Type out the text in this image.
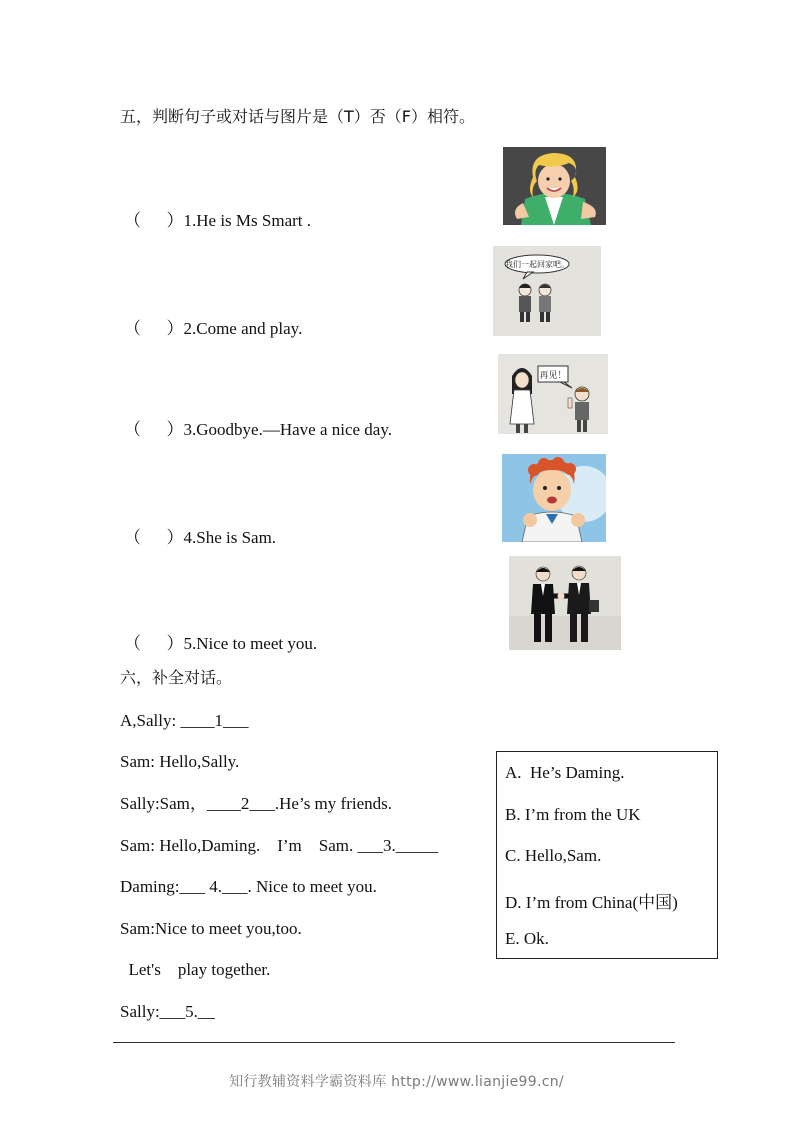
五，判断句子或对话与图片是（T）否（F）相符。
（      ）1.He is Ms Smart .
（      ）2.Come and play.
（      ）3.Goodbye.—Have a nice day.
（      ）4.She is Sam.
（      ）5.Nice to meet you.
我们一起回家吧。
再见！
六，补全对话。
A,Sally: ____1___
Sam: Hello,Sally.
Sally:Sam，____2___.He’s my friends.
Sam: Hello,Daming.    I’m    Sam. ___3._____
Daming:___ 4.___. Nice to meet you.
Sam:Nice to meet you,too.
Let's    play together.
Sally:___5.__
A.  He’s Daming.
B. I’m from the UK
C. Hello,Sam.
D. I’m from China(中国)
E. Ok.
知行教辅资料学霸资料库 http://www.lianjie99.cn/
